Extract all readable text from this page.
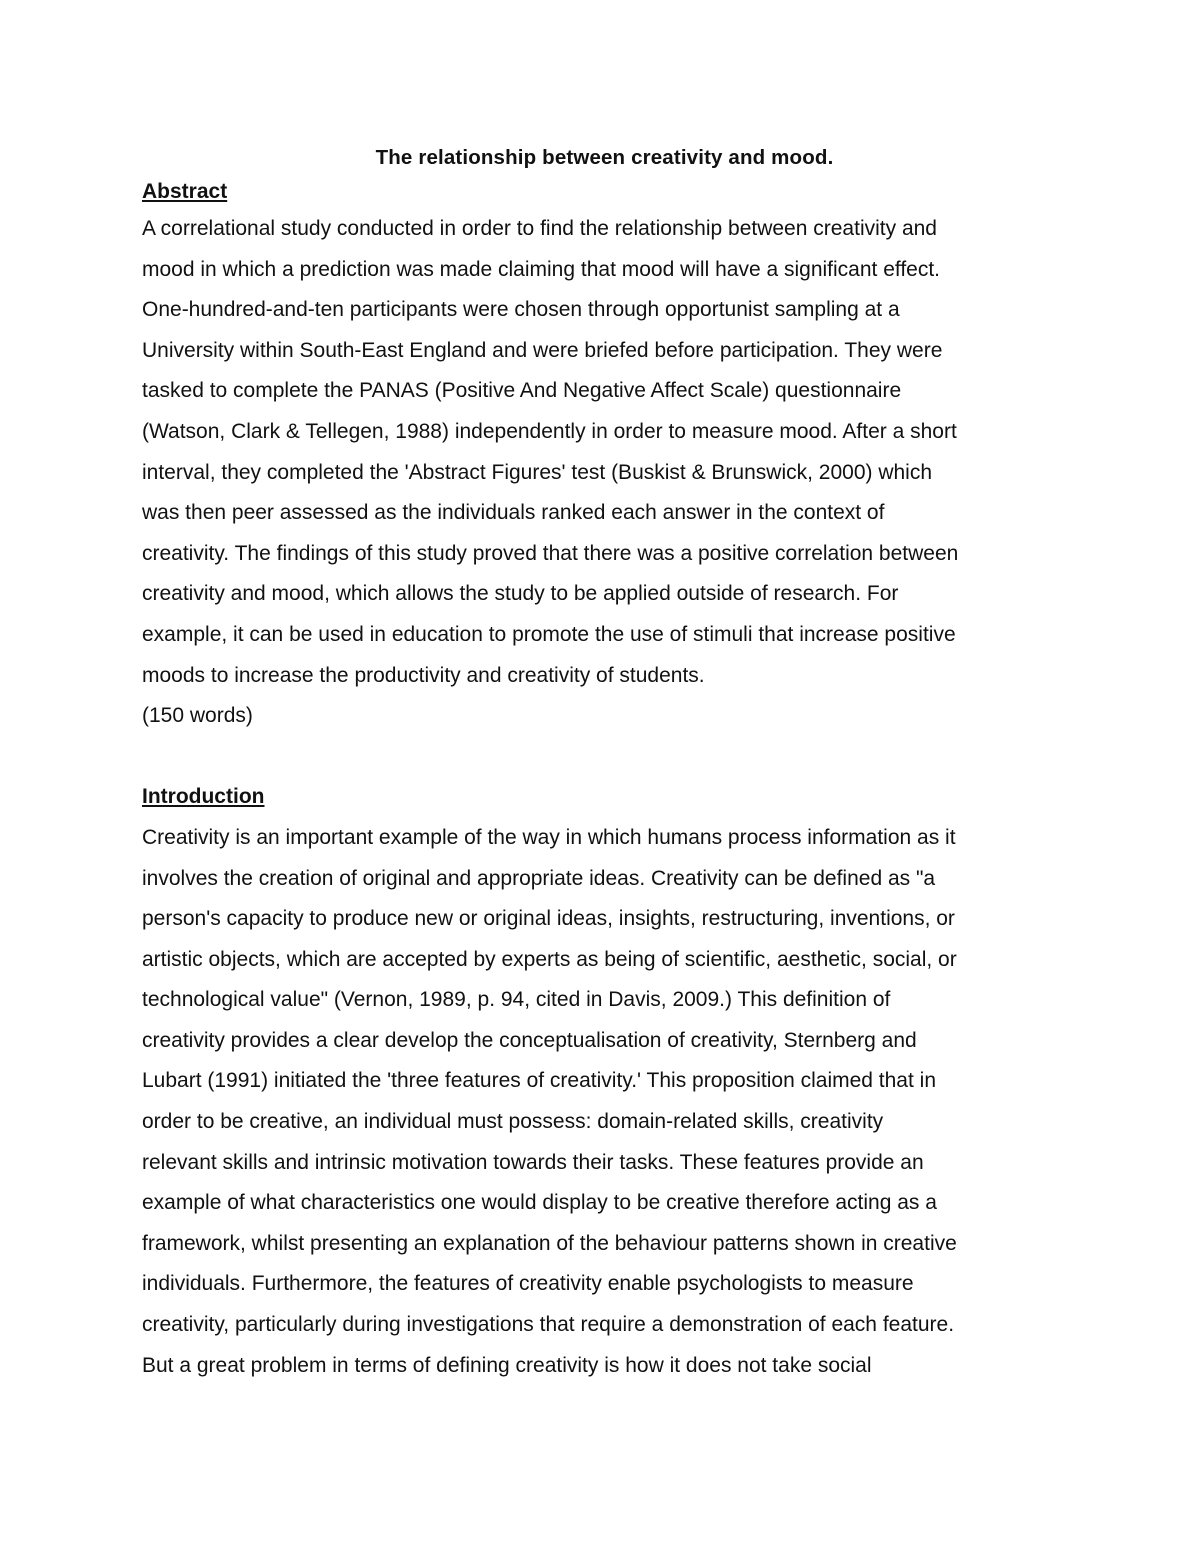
The relationship between creativity and mood.
Abstract
A correlational study conducted in order to find the relationship between creativity and
mood in which a prediction was made claiming that mood will have a significant effect.
One-hundred-and-ten participants were chosen through opportunist sampling at a
University within South-East England and were briefed before participation. They were
tasked to complete the PANAS (Positive And Negative Affect Scale) questionnaire
(Watson, Clark & Tellegen, 1988) independently in order to measure mood. After a short
interval, they completed the 'Abstract Figures' test (Buskist & Brunswick, 2000) which
was then peer assessed as the individuals ranked each answer in the context of
creativity. The findings of this study proved that there was a positive correlation between
creativity and mood, which allows the study to be applied outside of research. For
example, it can be used in education to promote the use of stimuli that increase positive
moods to increase the productivity and creativity of students.
(150 words)
Introduction
Creativity is an important example of the way in which humans process information as it
involves the creation of original and appropriate ideas. Creativity can be defined as "a
person's capacity to produce new or original ideas, insights, restructuring, inventions, or
artistic objects, which are accepted by experts as being of scientific, aesthetic, social, or
technological value" (Vernon, 1989, p. 94, cited in Davis, 2009.) This definition of
creativity provides a clear develop the conceptualisation of creativity, Sternberg and
Lubart (1991) initiated the 'three features of creativity.' This proposition claimed that in
order to be creative, an individual must possess: domain-related skills, creativity
relevant skills and intrinsic motivation towards their tasks. These features provide an
example of what characteristics one would display to be creative therefore acting as a
framework, whilst presenting an explanation of the behaviour patterns shown in creative
individuals. Furthermore, the features of creativity enable psychologists to measure
creativity, particularly during investigations that require a demonstration of each feature.
But a great problem in terms of defining creativity is how it does not take social
